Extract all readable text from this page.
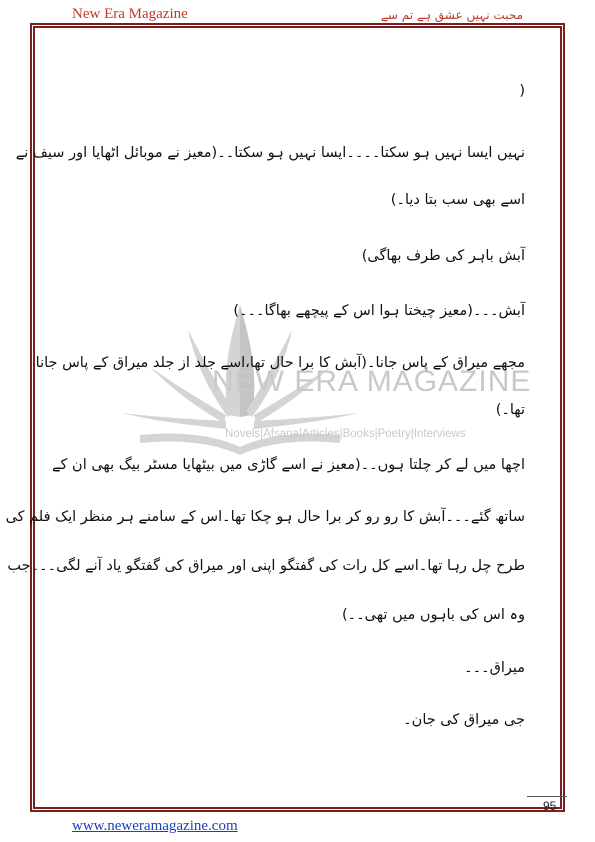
New Era Magazine	محبت نہیں عشق ہے تم سے
NEW ERA MAGAZINE
Novels|Afsana|Articles|Books|Poetry|Interviews
(
نہیں ایسا نہیں ہو سکتا۔۔۔۔ایسا نہیں ہو سکتا۔۔(معیز نے موبائل اٹھایا اور سیف نے
اسے بھی سب بتا دیا۔)
آبش باہر کی طرف بھاگی)
آبش۔۔۔(معیز چیختا ہوا اس کے پیچھے بھاگا۔۔۔)
مجھے میراق کے پاس جانا۔(آبش کا برا حال تھا،اسے جلد از جلد میراق کے پاس جانا
تھا۔)
اچھا میں لے کر چلتا ہوں۔۔(معیز نے اسے گاڑی میں بیٹھایا مسٹر بیگ بھی ان کے
ساتھ گئے۔۔۔آبش کا رو رو کر برا حال ہو چکا تھا۔اس کے سامنے ہر منظر ایک فلم کی
طرح چل رہا تھا۔اسے کل رات کی گفتگو اپنی اور میراق کی گفتگو یاد آنے لگی۔۔۔جب
وہ اس کی باہوں میں تھی۔۔)
میراق۔۔۔
جی میراق کی جان۔
95
www.neweramagazine.com
